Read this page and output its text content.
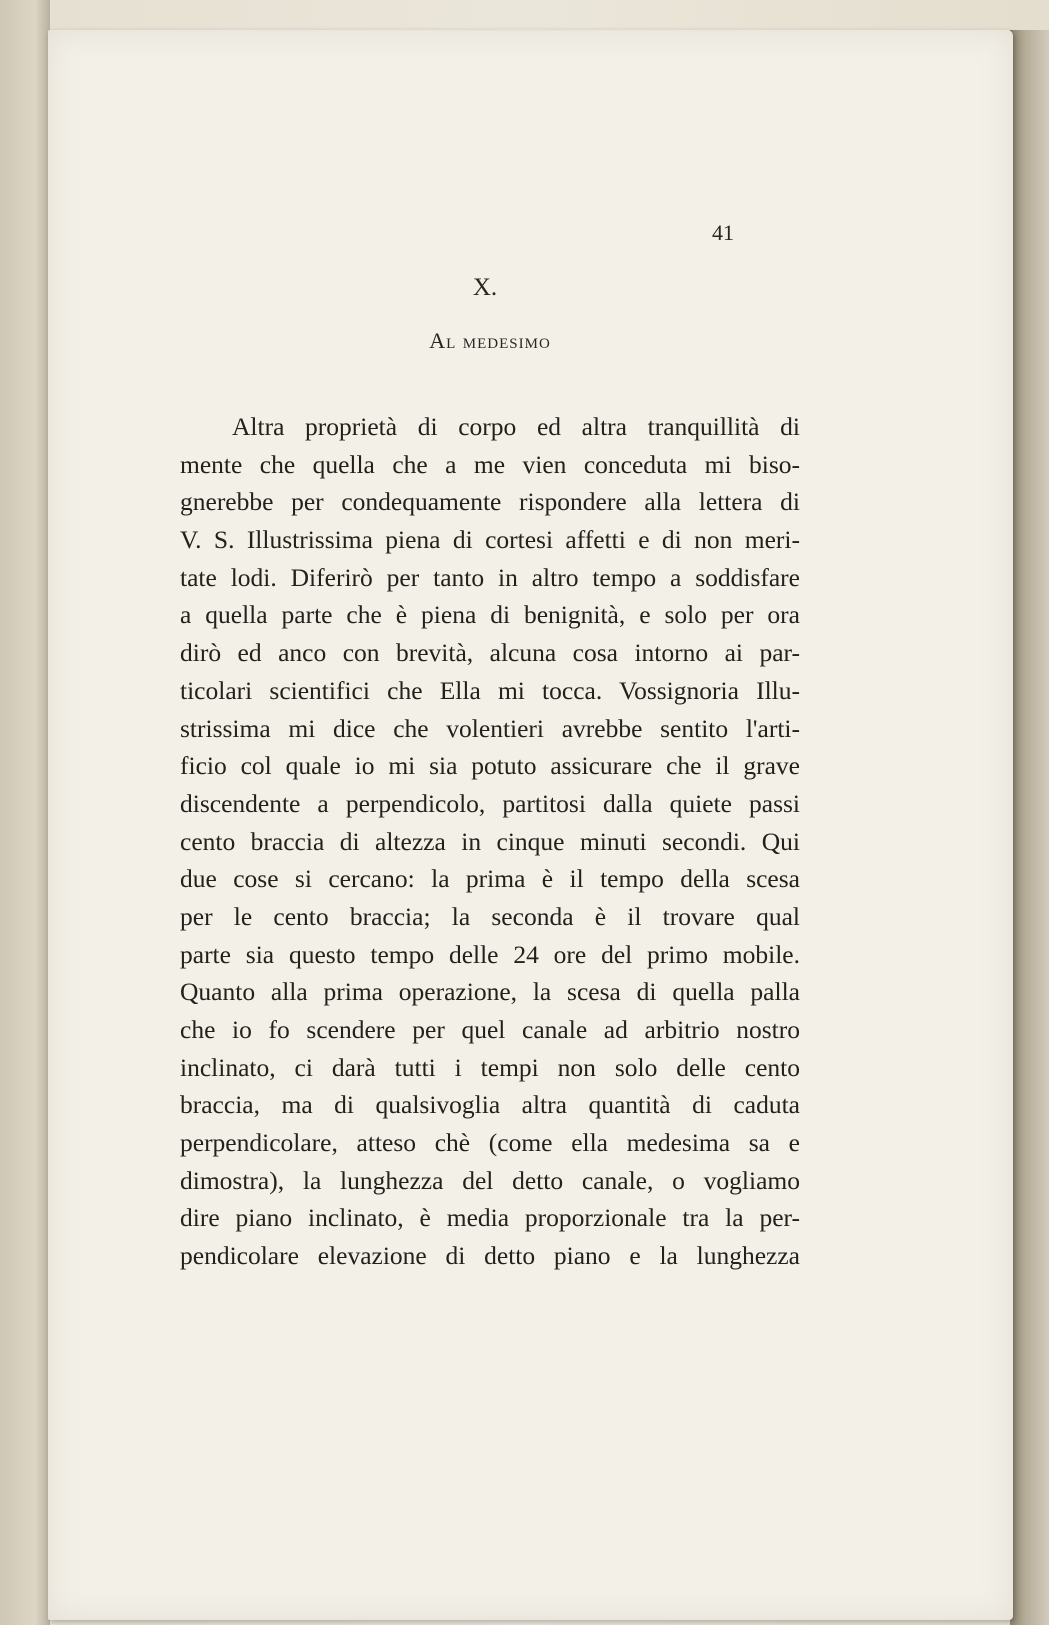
41
X.
Al medesimo
Altra proprietà di corpo ed altra tranquillità di
mente che quella che a me vien conceduta mi biso-
gnerebbe per condequamente rispondere alla lettera di
V. S. Illustrissima piena di cortesi affetti e di non meri-
tate lodi. Diferirò per tanto in altro tempo a soddisfare
a quella parte che è piena di benignità, e solo per ora
dirò ed anco con brevità, alcuna cosa intorno ai par-
ticolari scientifici che Ella mi tocca. Vossignoria Illu-
strissima mi dice che volentieri avrebbe sentito l'arti-
ficio col quale io mi sia potuto assicurare che il grave
discendente a perpendicolo, partitosi dalla quiete passi
cento braccia di altezza in cinque minuti secondi. Qui
due cose si cercano: la prima è il tempo della scesa
per le cento braccia; la seconda è il trovare qual
parte sia questo tempo delle 24 ore del primo mobile.
Quanto alla prima operazione, la scesa di quella palla
che io fo scendere per quel canale ad arbitrio nostro
inclinato, ci darà tutti i tempi non solo delle cento
braccia, ma di qualsivoglia altra quantità di caduta
perpendicolare, atteso chè (come ella medesima sa e
dimostra), la lunghezza del detto canale, o vogliamo
dire piano inclinato, è media proporzionale tra la per-
pendicolare elevazione di detto piano e la lunghezza
